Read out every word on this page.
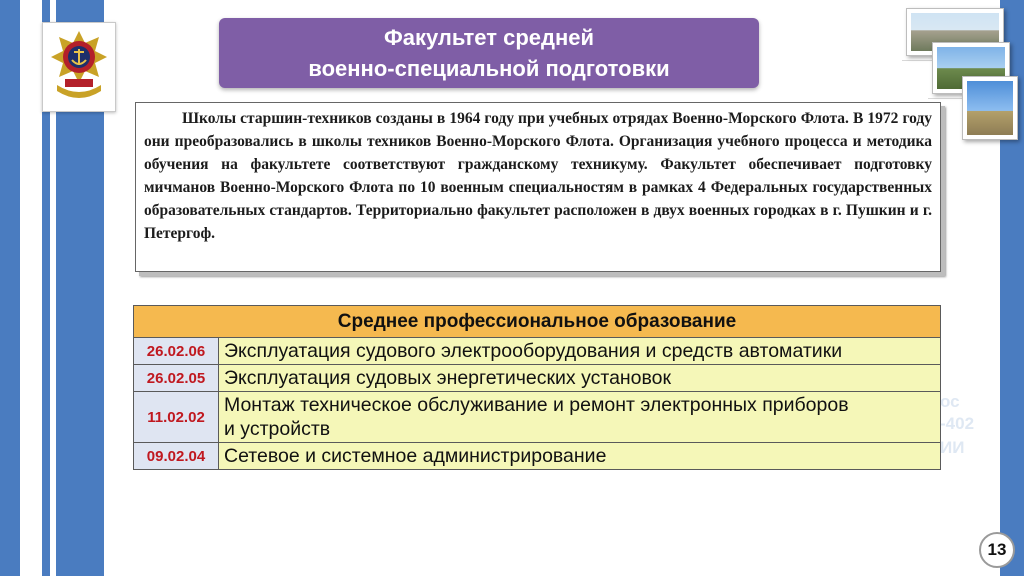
ос
-402
ИИ
Факультет средней
военно-специальной подготовки

Школы старшин-техников созданы в 1964 году при учебных отрядах Военно-Морского Флота. В 1972 году они преобразовались в школы техников Военно-Морского Флота. Организация учебного процесса и методика обучения на факультете соответствуют гражданскому техникуму. Факультет обеспечивает подготовку мичманов Военно-Морского Флота по 10 военным специальностям в рамках 4 Федеральных государственных образовательных стандартов. Территориально факультет расположен в двух военных городках в г. Пушкин и г. Петергоф.

Среднее профессиональное образование	
26.02.06	Эксплуатация судового электрооборудования и средств автоматики
26.02.05	Эксплуатация судовых энергетических установок
11.02.02	Монтаж техническое обслуживание и ремонт электронных приборов
и устройств

09.02.04	Сетевое и системное администрирование
13
